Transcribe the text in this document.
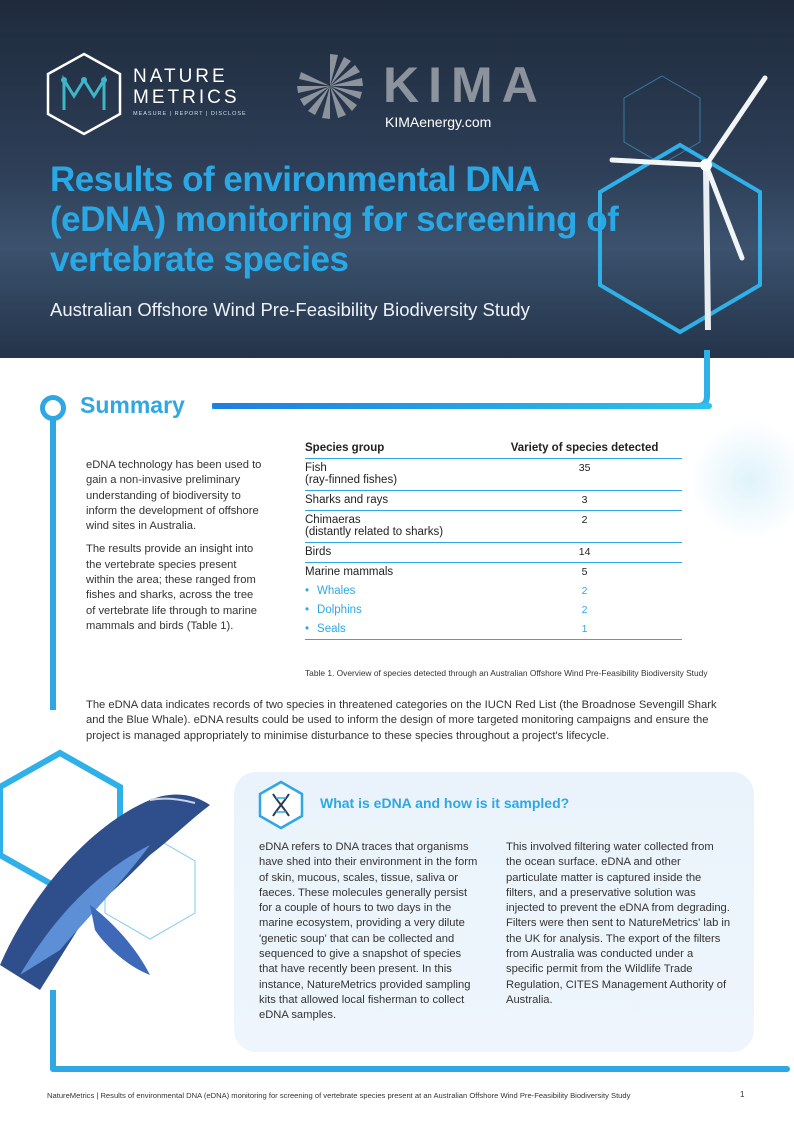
NATURE
METRICS
MEASURE | REPORT | DISCLOSE
KIMA
KIMAenergy.com
Results of environmental DNA (eDNA) monitoring for screening of vertebrate species
Australian Offshore Wind Pre-Feasibility Biodiversity Study
Summary

eDNA technology has been used to gain a non-invasive preliminary understanding of biodiversity to inform the development of offshore wind sites in Australia.

The results provide an insight into the vertebrate species present within the area; these ranged from fishes and sharks, across the tree of vertebrate life through to marine mammals and birds (Table 1).

Species group	Variety of species detected
Fish
(ray-finned fishes)	35
Sharks and rays	3
Chimaeras
(distantly related to sharks)	2
Birds	14
Marine mammals	5
• Whales	2
• Dolphins	2
• Seals	1
Table 1. Overview of species detected through an Australian Offshore Wind Pre-Feasibility Biodiversity Study
The eDNA data indicates records of two species in threatened categories on the IUCN Red List (the Broadnose Sevengill Shark and the Blue Whale). eDNA results could be used to inform the design of more targeted monitoring campaigns and ensure the project is managed appropriately to minimise disturbance to these species throughout a project's lifecycle.
What is eDNA and how is it sampled?
eDNA refers to DNA traces that organisms have shed into their environment in the form of skin, mucous, scales, tissue, saliva or faeces. These molecules generally persist for a couple of hours to two days in the marine ecosystem, providing a very dilute 'genetic soup' that can be collected and sequenced to give a snapshot of species that have recently been present. In this instance, NatureMetrics provided sampling kits that allowed local fisherman to collect eDNA samples.
This involved filtering water collected from the ocean surface. eDNA and other particulate matter is captured inside the filters, and a preservative solution was injected to prevent the eDNA from degrading. Filters were then sent to NatureMetrics' lab in the UK for analysis. The export of the filters from Australia was conducted under a specific permit from the Wildlife Trade Regulation, CITES Management Authority of Australia.
NatureMetrics | Results of environmental DNA (eDNA) monitoring for screening of vertebrate species present at an Australian Offshore Wind Pre-Feasibility Biodiversity Study	1
